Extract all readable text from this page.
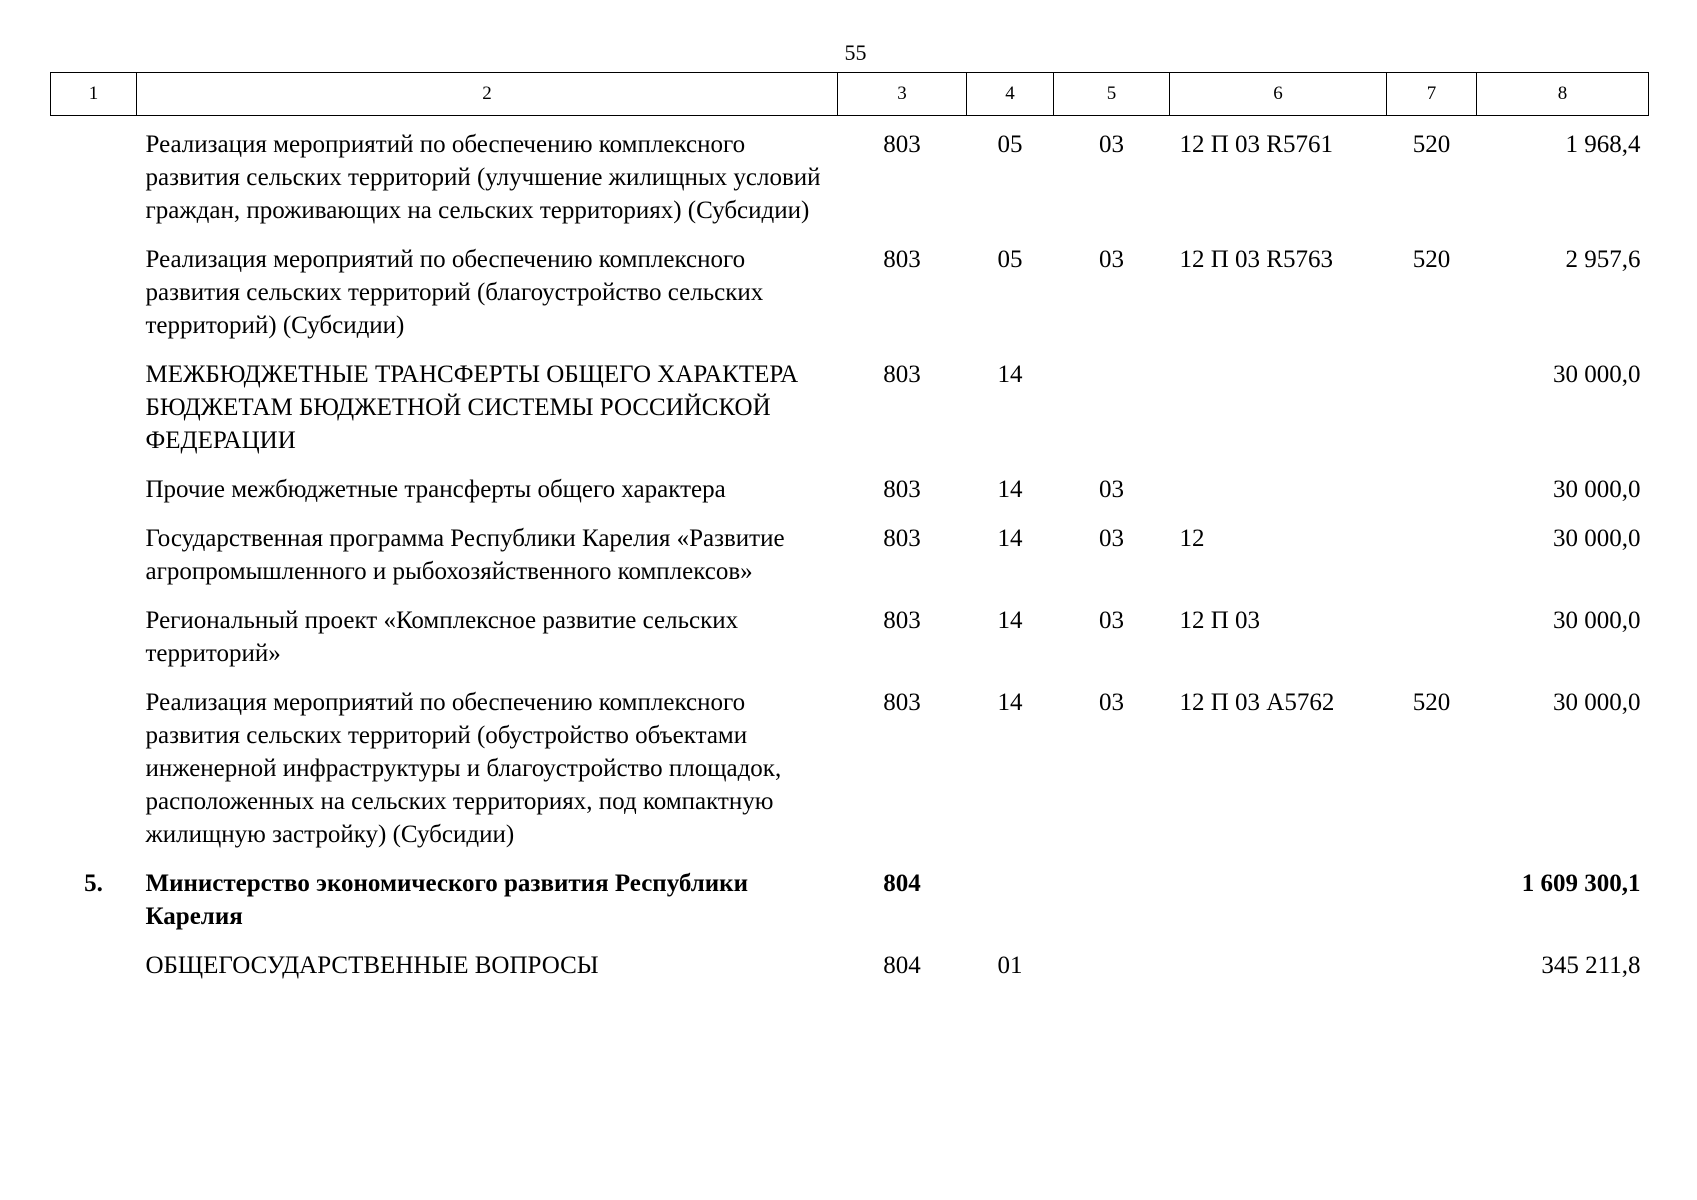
55
1	2	3	4	5	6	7	8
	Реализация мероприятий по обеспечению комплексного развития сельских территорий (улучшение жилищных условий граждан, проживающих на сельских территориях) (Субсидии)	803	05	03	12 П 03 R5761	520	1 968,4
	Реализация мероприятий по обеспечению комплексного развития сельских территорий (благоустройство сельских территорий) (Субсидии)	803	05	03	12 П 03 R5763	520	2 957,6
	МЕЖБЮДЖЕТНЫЕ ТРАНСФЕРТЫ ОБЩЕГО ХАРАКТЕРА БЮДЖЕТАМ БЮДЖЕТНОЙ СИСТЕМЫ РОССИЙСКОЙ ФЕДЕРАЦИИ	803	14				30 000,0
	Прочие межбюджетные трансферты общего характера	803	14	03			30 000,0
	Государственная программа Республики Карелия «Развитие агропромышленного и рыбохозяйственного комплексов»	803	14	03	12		30 000,0
	Региональный проект «Комплексное развитие сельских территорий»	803	14	03	12 П 03		30 000,0
	Реализация мероприятий по обеспечению комплексного развития сельских территорий (обустройство объектами инженерной инфраструктуры и благоустройство площадок, расположенных на сельских территориях, под компактную жилищную застройку) (Субсидии)	803	14	03	12 П 03 A5762	520	30 000,0
5.	Министерство экономического развития Республики Карелия	804					1 609 300,1
	ОБЩЕГОСУДАРСТВЕННЫЕ ВОПРОСЫ	804	01				345 211,8
